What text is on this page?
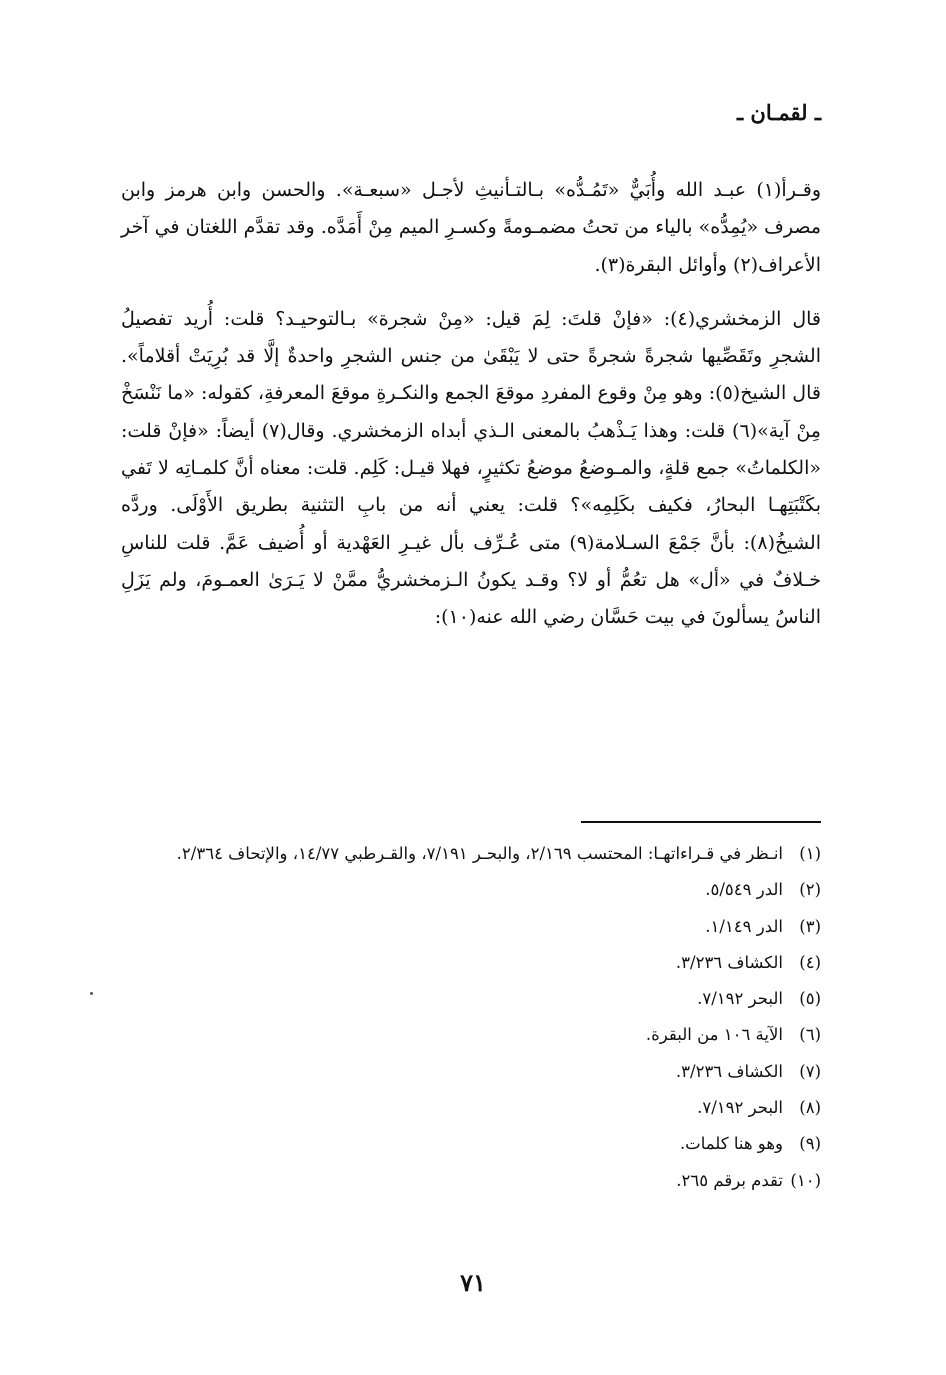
ـ لقمـان ـ

وقـرأ(١) عبـد الله وأُبَيٌّ «تَمُـدُّه» بـالتـأنيثِ لأجـل «سبعـة». والحسن وابن هرمز وابن مصرف «يُمِدُّه» بالياء من تحتُ مضمـومةً وكسـرِ الميم مِنْ أَمَدَّه. وقد تقدَّم اللغتان في آخر الأعراف(٢) وأوائل البقرة(٣).

قال الزمخشري(٤): «فإنْ قلتَ: لِمَ قيل: «مِنْ شجرة» بـالتوحيـد؟ قلت: أُريد تفصيلُ الشجرِ وتَقَصِّيها شجرةً شجرةً حتى لا يَبْقَىٰ من جنس الشجرِ واحدةٌ إلَّا قد بُرِيَتْ أقلاماً». قال الشيخ(٥): وهو مِنْ وقوع المفردِ موقعَ الجمع والنكـرةِ موقعَ المعرفةِ، كقوله: «ما نَنْسَخْ مِنْ آية»(٦) قلت: وهذا يَـذْهبُ بالمعنى الـذي أبداه الزمخشري. وقال(٧) أيضاً: «فإنْ قلت: «الكلماتُ» جمع قلةٍ، والمـوضعُ موضعُ تكثيرٍ، فهلا قيـل: كَلِم. قلت: معناه أنَّ كلمـاتِه لا تَفي بكَتْبَتِهـا البحارُ، فكيف بكَلِمِه»؟ قلت: يعني أنه من بابِ التثنية بطريق الأَوْلَى. وردَّه الشيخُ(٨): بأنَّ جَمْعَ السـلامة(٩) متى عُـرِّف بأل غيـرِ العَهْدية أو أُضيف عَمَّ. قلت للناسِ خـلافٌ في «أل» هل تعُمُّ أو لا؟ وقـد يكونُ الـزمخشريُّ ممَّنْ لا يَـرَىٰ العمـومَ، ولم يَزَلِ الناسُ يسألونَ في بيت حَسَّان رضي الله عنه(١٠):

(١)
انـظر في قـراءاتهـا: المحتسب ٢/١٦٩، والبحـر ٧/١٩١، والقـرطبي ١٤/٧٧، والإتحاف ٢/٣٦٤.
(٢)
الدر ٥/٥٤٩.
(٣)
الدر ١/١٤٩.
(٤)
الكشاف ٣/٢٣٦.
(٥)
البحر ٧/١٩٢.
(٦)
الآية ١٠٦ من البقرة.
(٧)
الكشاف ٣/٢٣٦.
(٨)
البحر ٧/١٩٢.
(٩)
وهو هنا كلمات.
(١٠)
تقدم برقم ٢٦٥.
٧١
